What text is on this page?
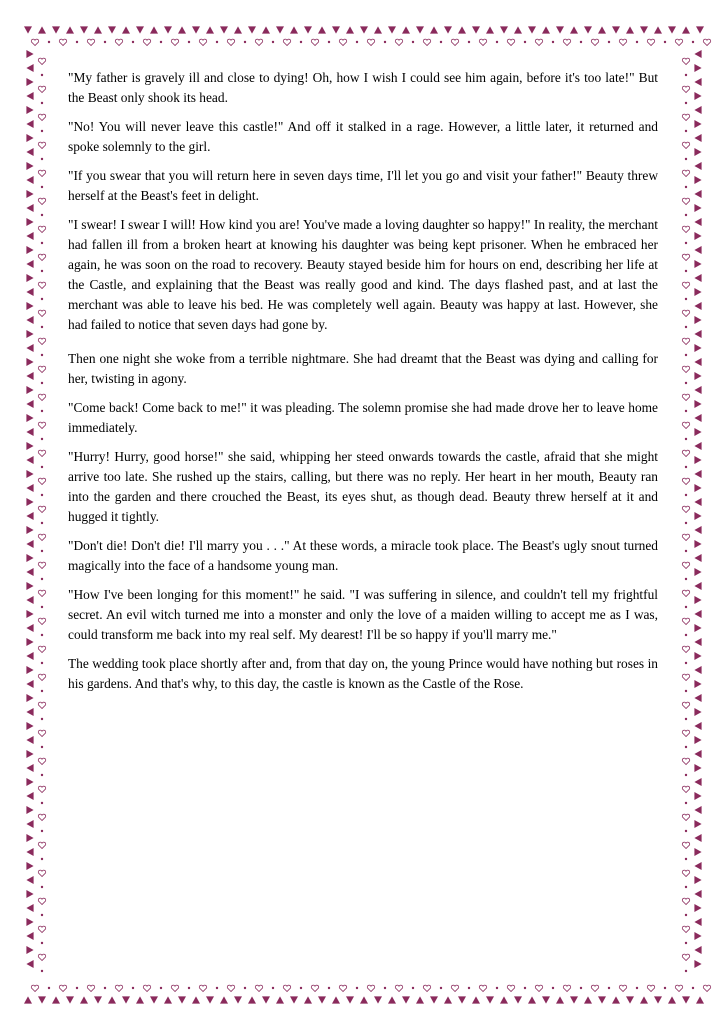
"My father is gravely ill and close to dying! Oh, how I wish I could see him again, before it's too late!" But the Beast only shook its head.

"No! You will never leave this castle!" And off it stalked in a rage. However, a little later, it returned and spoke solemnly to the girl.

"If you swear that you will return here in seven days time, I'll let you go and visit your father!" Beauty threw herself at the Beast's feet in delight.

"I swear! I swear I will! How kind you are! You've made a loving daughter so happy!" In reality, the merchant had fallen ill from a broken heart at knowing his daughter was being kept prisoner. When he embraced her again, he was soon on the road to recovery. Beauty stayed beside him for hours on end, describing her life at the Castle, and explaining that the Beast was really good and kind. The days flashed past, and at last the merchant was able to leave his bed. He was completely well again. Beauty was happy at last. However, she had failed to notice that seven days had gone by.

Then one night she woke from a terrible nightmare. She had dreamt that the Beast was dying and calling for her, twisting in agony.

"Come back! Come back to me!" it was pleading. The solemn promise she had made drove her to leave home immediately.

"Hurry! Hurry, good horse!" she said, whipping her steed onwards towards the castle, afraid that she might arrive too late. She rushed up the stairs, calling, but there was no reply. Her heart in her mouth, Beauty ran into the garden and there crouched the Beast, its eyes shut, as though dead. Beauty threw herself at it and hugged it tightly.

"Don't die! Don't die! I'll marry you . . ." At these words, a miracle took place. The Beast's ugly snout turned magically into the face of a handsome young man.

"How I've been longing for this moment!" he said. "I was suffering in silence, and couldn't tell my frightful secret. An evil witch turned me into a monster and only the love of a maiden willing to accept me as I was, could transform me back into my real self. My dearest! I'll be so happy if you'll marry me."

The wedding took place shortly after and, from that day on, the young Prince would have nothing but roses in his gardens. And that's why, to this day, the castle is known as the Castle of the Rose.
